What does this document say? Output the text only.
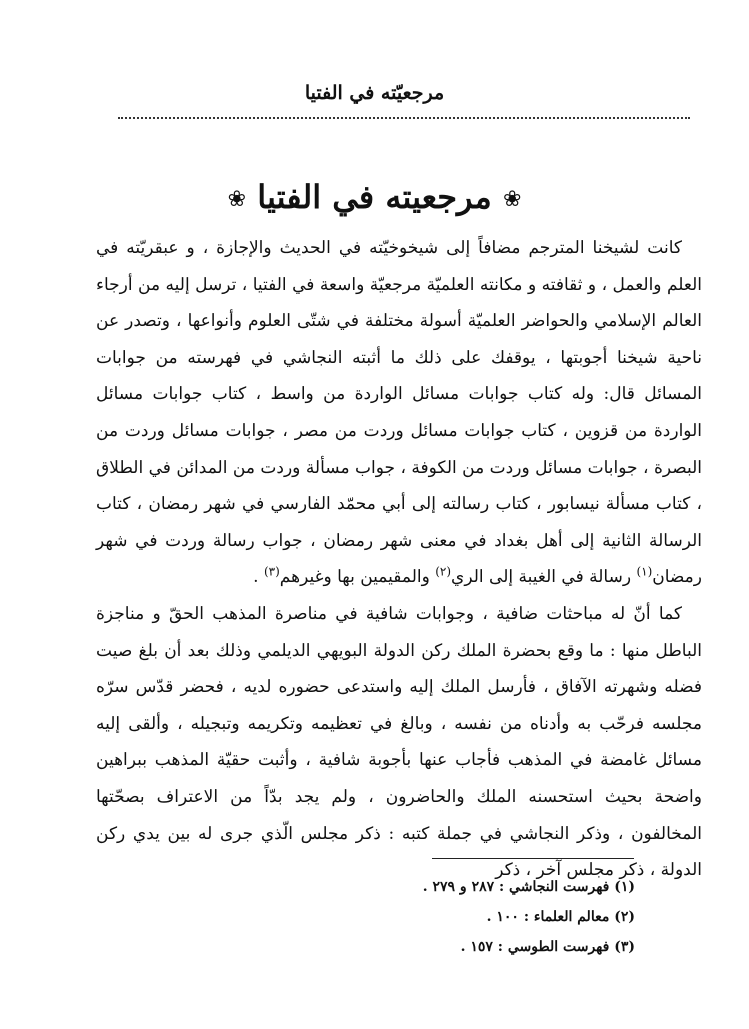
مرجعيّته في الفتيا
❀ مرجعيته في الفتيا ❀

كانت لشيخنا المترجم مضافاً إلى شيخوخيّته في الحديث والإجازة ، و عبقريّته في العلم والعمل ، و ثقافته و مكانته العلميّة مرجعيّة واسعة في الفتيا ، ترسل إليه من أرجاء العالم الإسلامي والحواضر العلميّة أسولة مختلفة في شتّى العلوم وأنواعها ، وتصدر عن ناحية شيخنا أجوبتها ، يوقفك على ذلك ما أثبته النجاشي في فهرسته من جوابات المسائل قال: وله كتاب جوابات مسائل الواردة من واسط ، كتاب جوابات مسائل الواردة من قزوين ، كتاب جوابات مسائل وردت من مصر ، جوابات مسائل وردت من البصرة ، جوابات مسائل وردت من الكوفة ، جواب مسألة وردت من المدائن في الطلاق ، كتاب مسألة نيسابور ، كتاب رسالته إلى أبي محمّد الفارسي في شهر رمضان ، كتاب الرسالة الثانية إلى أهل بغداد في معنى شهر رمضان ، جواب رسالة وردت في شهر رمضان$^{(١)}$ رسالة في الغيبة إلى الري$^{(٢)}$ والمقيمين بها وغيرهم$^{(٣)}$ .

كما أنّ له مباحثات ضافية ، وجوابات شافية في مناصرة المذهب الحقّ و مناجزة الباطل منها : ما وقع بحضرة الملك ركن الدولة البويهي الديلمي وذلك بعد أن بلغ صيت فضله وشهرته الآفاق ، فأرسل الملك إليه واستدعى حضوره لديه ، فحضر قدّس سرّه مجلسه فرحّب به وأدناه من نفسه ، وبالغ في تعظيمه وتكريمه وتبجيله ، وألقى إليه مسائل غامضة في المذهب فأجاب عنها بأجوبة شافية ، وأثبت حقيّة المذهب ببراهين واضحة بحيث استحسنه الملك والحاضرون ، ولم يجد بدّاً من الاعتراف بصحّتها المخالفون ، وذكر النجاشي في جملة كتبه : ذكر مجلس الّذي جرى له بين يدي ركن الدولة ، ذكر مجلس آخر ، ذكر

(١) فهرست النجاشي : ٢٨٧ و ٢٧٩ .
(٢) معالم العلماء : ١٠٠ .
(٣) فهرست الطوسي : ١٥٧ .
